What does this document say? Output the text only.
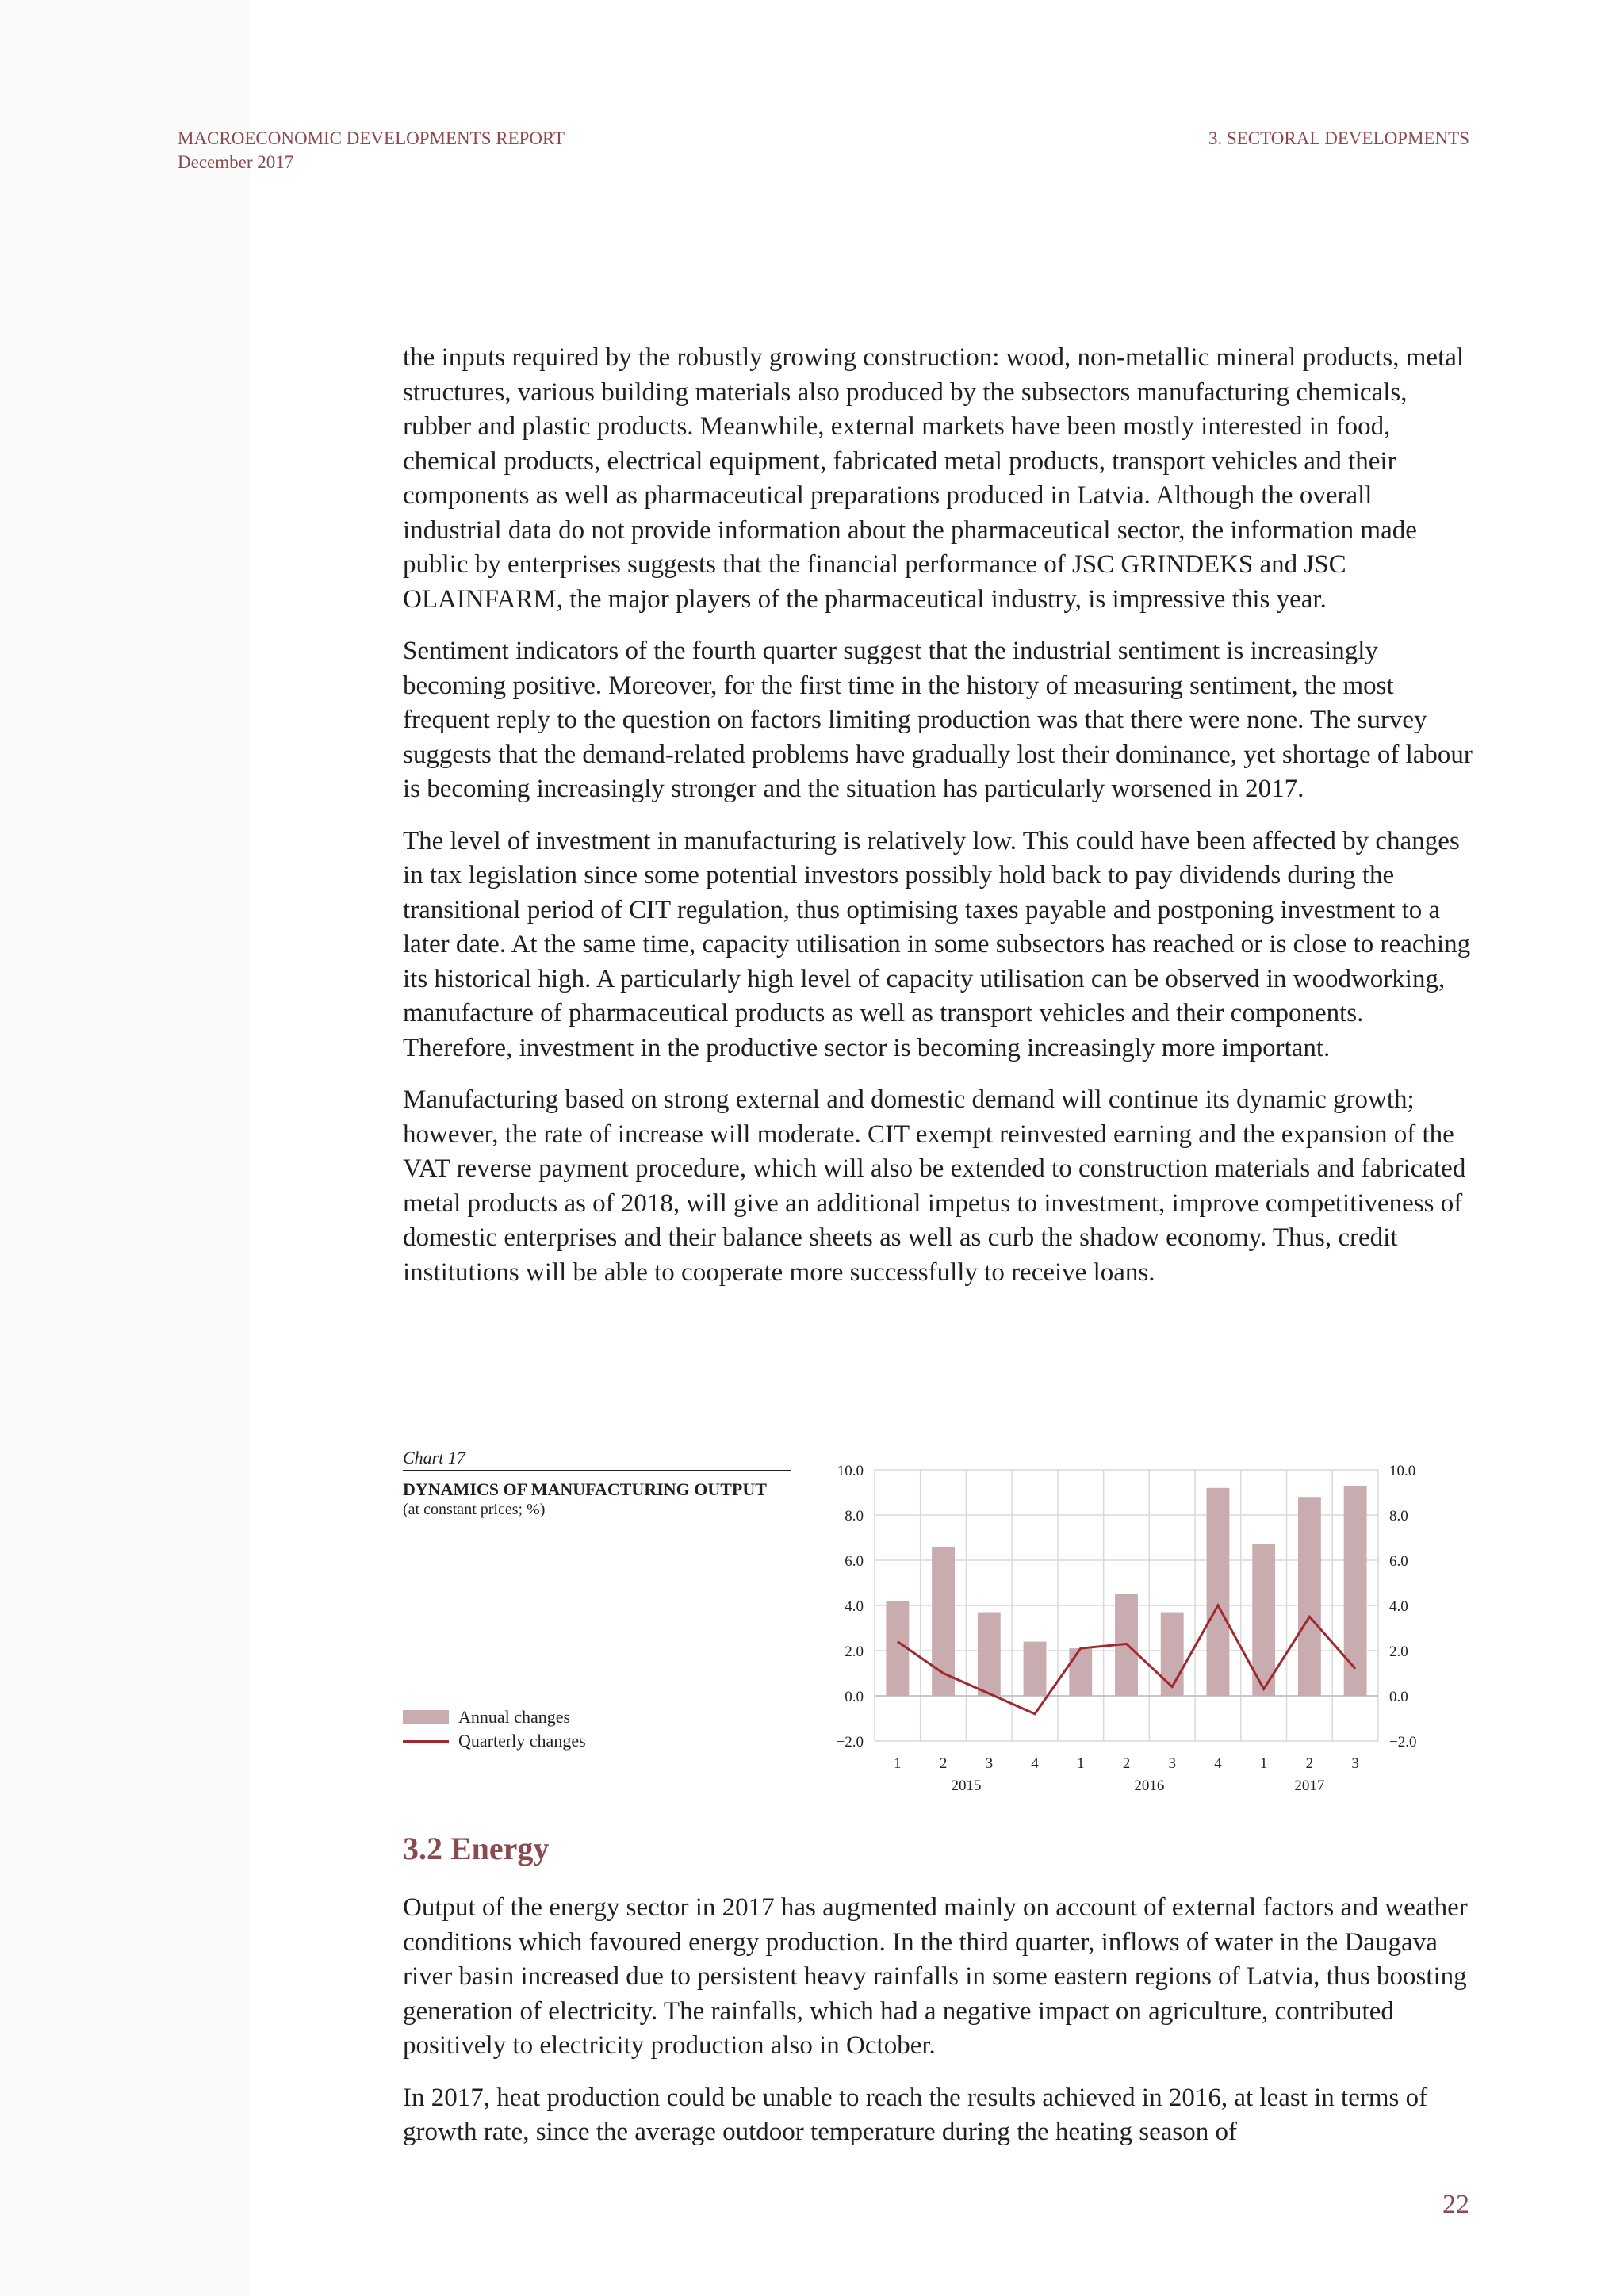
MACROECONOMIC DEVELOPMENTS REPORT
December 2017
3. SECTORAL DEVELOPMENTS

the inputs required by the robustly growing construction: wood, non-metallic mineral products, metal structures, various building materials also produced by the subsectors manufacturing chemicals, rubber and plastic products. Meanwhile, external markets have been mostly interested in food, chemical products, electrical equipment, fabricated metal products, transport vehicles and their components as well as pharmaceutical preparations produced in Latvia. Although the overall industrial data do not provide information about the pharmaceutical sector, the information made public by enterprises suggests that the financial performance of JSC GRINDEKS and JSC OLAINFARM, the major players of the pharmaceutical industry, is impressive this year.

Sentiment indicators of the fourth quarter suggest that the industrial sentiment is increasingly becoming positive. Moreover, for the first time in the history of measuring sentiment, the most frequent reply to the question on factors limiting production was that there were none. The survey suggests that the demand-related problems have gradually lost their dominance, yet shortage of labour is becoming increasingly stronger and the situation has particularly worsened in 2017.

The level of investment in manufacturing is relatively low. This could have been affected by changes in tax legislation since some potential investors possibly hold back to pay dividends during the transitional period of CIT regulation, thus optimising taxes payable and postponing investment to a later date. At the same time, capacity utilisation in some subsectors has reached or is close to reaching its historical high. A particularly high level of capacity utilisation can be observed in woodworking, manufacture of pharmaceutical products as well as transport vehicles and their components. Therefore, investment in the productive sector is becoming increasingly more important.

Manufacturing based on strong external and domestic demand will continue its dynamic growth; however, the rate of increase will moderate. CIT exempt reinvested earning and the expansion of the VAT reverse payment procedure, which will also be extended to construction materials and fabricated metal products as of 2018, will give an additional impetus to investment, improve competitiveness of domestic enterprises and their balance sheets as well as curb the shadow economy. Thus, credit institutions will be able to cooperate more successfully to receive loans.

Chart 17
DYNAMICS OF MANUFACTURING OUTPUT
(at constant prices; %)
Annual changes
Quarterly changes
10.0	10.0
8.0	8.0
6.0	6.0
4.0	4.0
2.0	2.0
0.0	0.0
−2.0	−2.0
1	2	3	4	1	2	3	4	1	2	3
2015	2016	2017
3.2 Energy

Output of the energy sector in 2017 has augmented mainly on account of external factors and weather conditions which favoured energy production. In the third quarter, inflows of water in the Daugava river basin increased due to persistent heavy rainfalls in some eastern regions of Latvia, thus boosting generation of electricity. The rainfalls, which had a negative impact on agriculture, contributed positively to electricity production also in October.

In 2017, heat production could be unable to reach the results achieved in 2016, at least in terms of growth rate, since the average outdoor temperature during the heating season of

22
